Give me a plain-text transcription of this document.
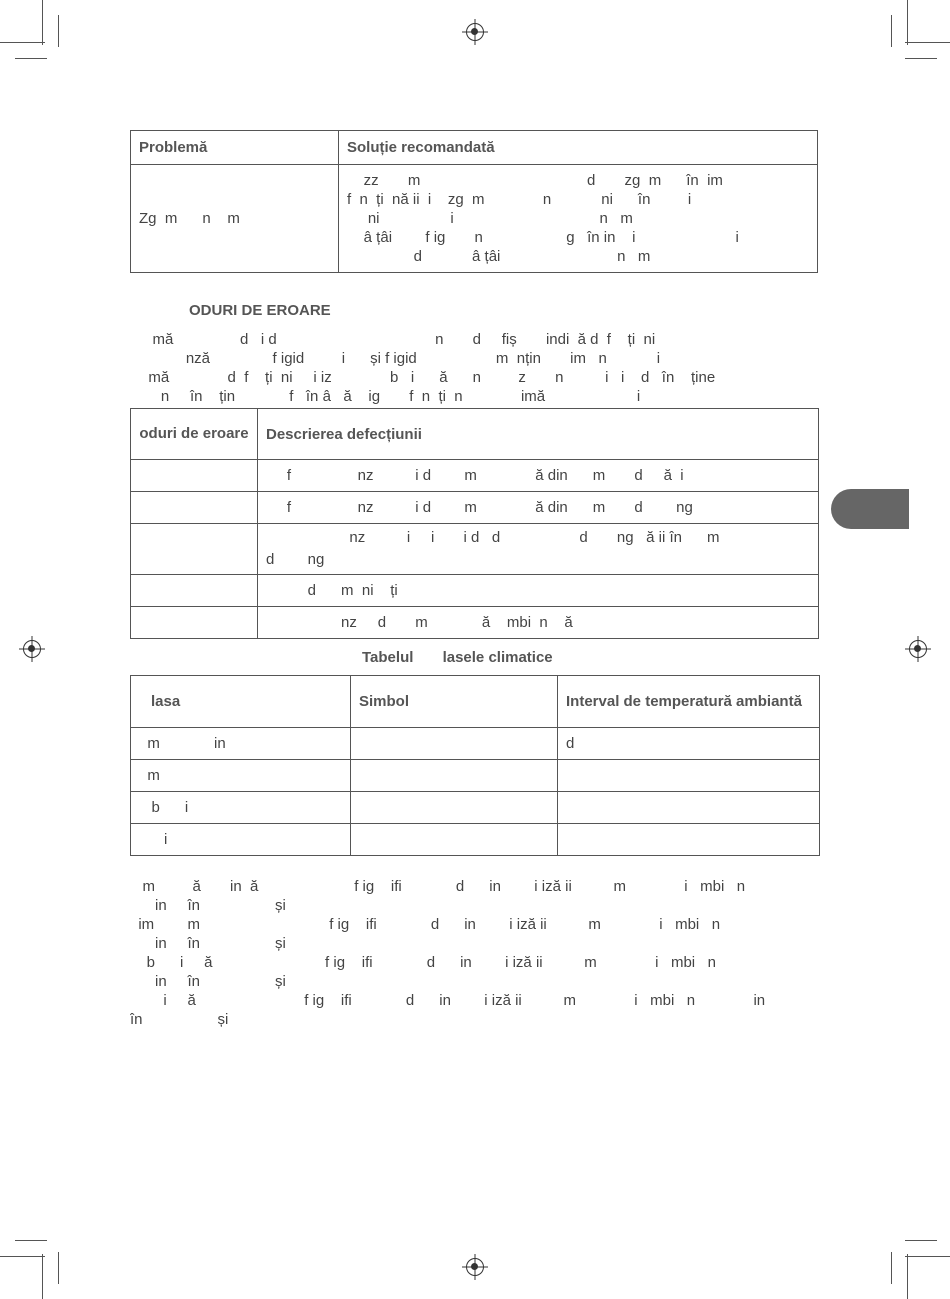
Problemă	Soluție recomandată
Zg  m      n    m	zz       m                                        d       zg  m      în  im
f  n  ți  nă ii  i    zg  m              n            ni      în         i
ni                 i                                   n   m
â țâi        f ig       n                    g   în in    i                        i
d            â țâi                            n   m
ODURI DE EROARE
mă                d   i d                                      n       d     fiș       indi  ă d  f    ți  ni
nză               f igid         i      și f igid                   m  nțin       im   n            i
mă              d  f    ți  ni     i iz              b   i      ă      n         z       n          i   i    d   în    ține
n     în    țin             f   în â   ă    ig       f  n  ți  n              imă                      i
oduri de eroare	Descrierea defecțiunii
	f                nz          i d        m              ă din      m       d     ă  i
	f                nz          i d        m              ă din      m       d        ng
	nz          i     i       i d   d                   d       ng   ă ii în      m
d        ng
	d      m  ni    ți
	nz     d       m             ă    mbi  n    ă
Tabelul       lasele climatice
lasa	Simbol	Interval de temperatură ambiantă
m             in		d
m		
b      i		
i		
m         ă       in  ă                       f ig    ifi             d      in        i iză ii          m              i   mbi   n
in     în                  și
im        m                               f ig    ifi             d      in        i iză ii          m              i   mbi   n
in     în                  și
b      i     ă                           f ig    ifi             d      in        i iză ii          m              i   mbi   n
in     în                  și
i     ă                          f ig    ifi             d      in        i iză ii          m              i   mbi   n              in
în                  și
